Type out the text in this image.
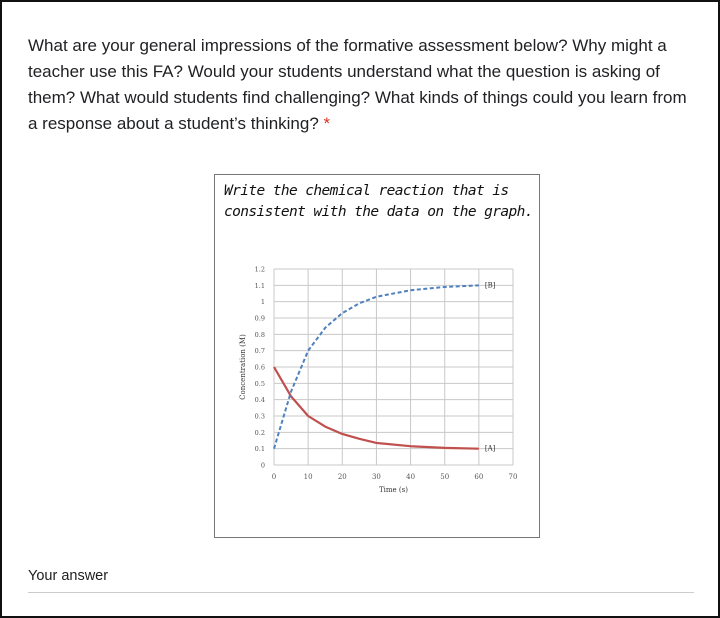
What are your general impressions of the formative assessment below? Why might a teacher use this FA? Would your students understand what the question is asking of them? What would students find challenging? What kinds of things could you learn from a response about a student’s thinking? *
Write the chemical reaction that is
consistent with the data on the graph.
0	10	20	30	40	50	60	70
0
0.1
0.2
0.3
0.4
0.5
0.6
0.7
0.8
0.9
1
1.1
1.2
Time (s)
Concentration (M)
[A]
[B]
Your answer
